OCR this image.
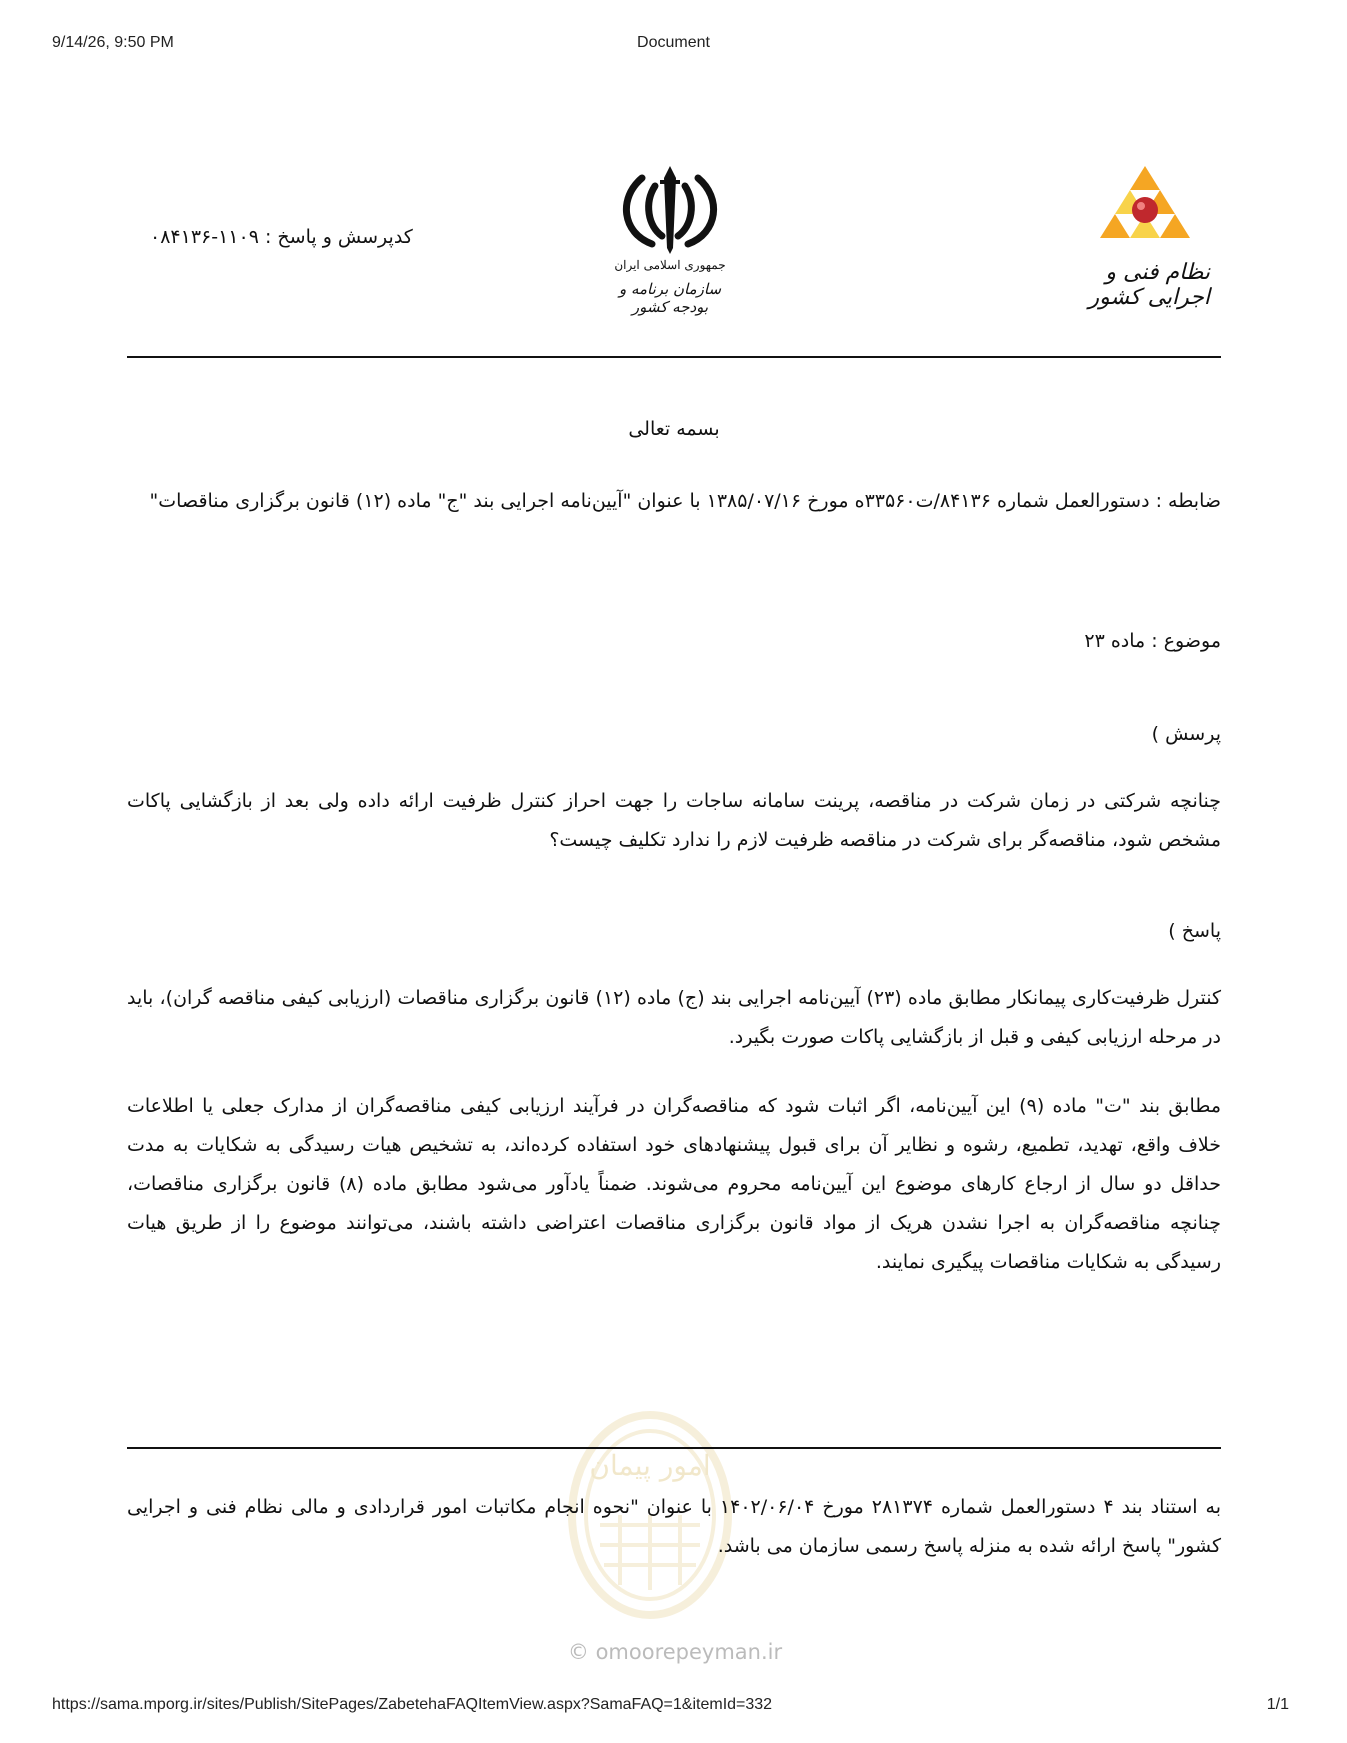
9/14/26, 9:50 PM	Document
کدپرسش و پاسخ : ۱۱۰۹-۰۸۴۱۳۶
جمهوری اسلامی ایران
سازمان برنامه و بودجه کشور
نظام فنی و اجرایی کشور
بسمه تعالی
ضابطه : دستورالعمل شماره ۸۴۱۳۶/ت۳۳۵۶۰ه مورخ ۱۳۸۵/۰۷/۱۶ با عنوان "آیین‌نامه اجرایی بند "ج" ماده (۱۲) قانون برگزاری مناقصات"
موضوع : ماده ۲۳
پرسش )
چنانچه شرکتی در زمان شرکت در مناقصه، پرینت سامانه ساجات را جهت احراز کنترل ظرفیت ارائه داده ولی بعد از بازگشایی پاکات مشخص شود، مناقصه‌گر برای شرکت در مناقصه ظرفیت لازم را ندارد تکلیف چیست؟
پاسخ )
کنترل ظرفیت‌کاری پیمانکار مطابق ماده (۲۳) آیین‌نامه اجرایی بند (ج) ماده (۱۲) قانون برگزاری مناقصات (ارزیابی کیفی مناقصه گران)، باید در مرحله ارزیابی کیفی و قبل از بازگشایی پاکات صورت بگیرد.
مطابق بند "ت" ماده (۹) این آیین‌نامه، اگر اثبات شود که مناقصه‌گران در فرآیند ارزیابی کیفی مناقصه‌گران از مدارک جعلی یا اطلاعات خلاف واقع، تهدید، تطمیع، رشوه و نظایر آن برای قبول پیشنهادهای خود استفاده کرده‌اند، به تشخیص هیات رسیدگی به شکایات به مدت حداقل دو سال از ارجاع کارهای موضوع این آیین‌نامه محروم می‌شوند. ضمناً یادآور می‌شود مطابق ماده (۸) قانون برگزاری مناقصات، چنانچه مناقصه‌گران به اجرا نشدن هریک از مواد قانون برگزاری مناقصات اعتراضی داشته باشند، می‌توانند موضوع را از طریق هیات رسیدگی به شکایات مناقصات پیگیری نمایند.
امور پیمان
به استناد بند ۴ دستورالعمل شماره ۲۸۱۳۷۴ مورخ ۱۴۰۲/۰۶/۰۴ با عنوان "نحوه انجام مکاتبات امور قراردادی و مالی نظام فنی و اجرایی کشور" پاسخ ارائه شده به منزله پاسخ رسمی سازمان می باشد.
© omoorepeyman.ir
https://sama.mporg.ir/sites/Publish/SitePages/ZabetehaFAQItemView.aspx?SamaFAQ=1&itemId=332	1/1
